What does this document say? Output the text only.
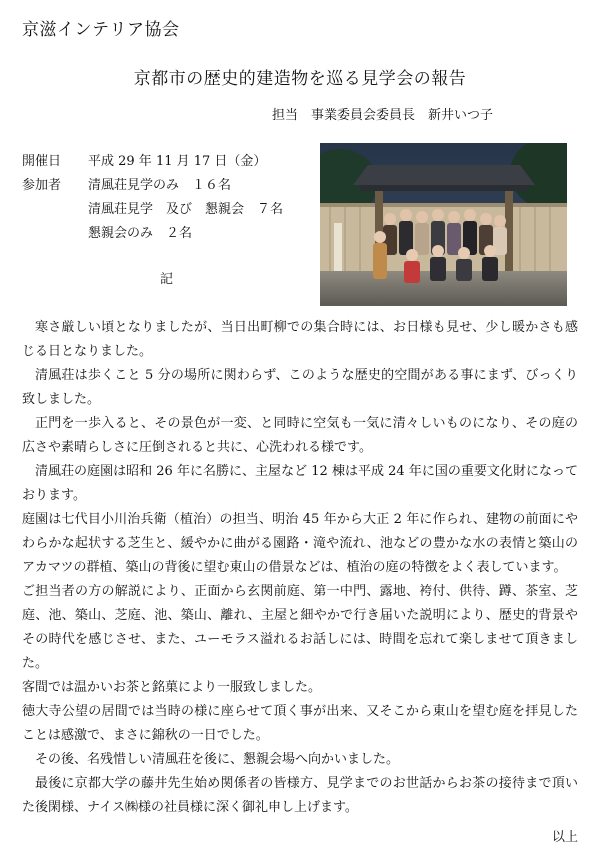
京滋インテリア協会
京都市の歴史的建造物を巡る見学会の報告
担当　事業委員会委員長　新井いつ子
開催日	平成 29 年 11 月 17 日（金）
参加者	清風荘見学のみ　１６名
清風荘見学　及び　懇親会　７名
懇親会のみ　２名
記

寒さ厳しい頃となりましたが、当日出町柳での集合時には、お日様も見せ、少し暖かさも感じる日となりました。

清風荘は歩くこと 5 分の場所に関わらず、このような歴史的空間がある事にまず、びっくり致しました。

正門を一歩入ると、その景色が一変、と同時に空気も一気に清々しいものになり、その庭の広さや素晴らしさに圧倒されると共に、心洗われる様です。

清風荘の庭園は昭和 26 年に名勝に、主屋など 12 棟は平成 24 年に国の重要文化財になっております。

庭園は七代目小川治兵衛（植治）の担当、明治 45 年から大正 2 年に作られ、建物の前面にやわらかな起状する芝生と、緩やかに曲がる園路・滝や流れ、池などの豊かな水の表情と築山のアカマツの群植、築山の背後に望む東山の借景などは、植治の庭の特徴をよく表しています。

ご担当者の方の解説により、正面から玄関前庭、第一中門、露地、袴付、供待、蹲、茶室、芝庭、池、築山、芝庭、池、築山、離れ、主屋と細やかで行き届いた説明により、歴史的背景やその時代を感じさせ、また、ユーモラス溢れるお話しには、時間を忘れて楽しませて頂きました。

客間では温かいお茶と銘菓により一服致しました。

徳大寺公望の居間では当時の様に座らせて頂く事が出来、又そこから東山を望む庭を拝見したことは感激で、まさに錦秋の一日でした。

その後、名残惜しい清風荘を後に、懇親会場へ向かいました。

最後に京都大学の藤井先生始め関係者の皆様方、見学までのお世話からお茶の接待まで頂いた後閑様、ナイス㈱様の社員様に深く御礼申し上げます。

以上
